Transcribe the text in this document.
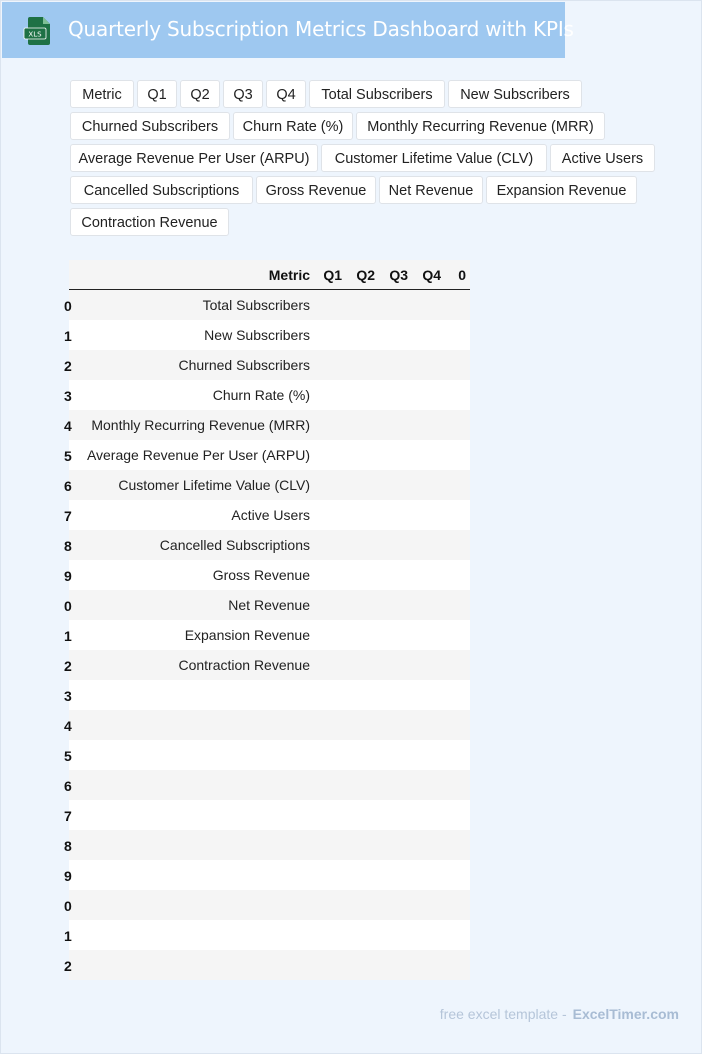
XLS Quarterly Subscription Metrics Dashboard with KPIs
Metric	Q1	Q2	Q3	Q4	Total Subscribers	New Subscribers
Churned Subscribers	Churn Rate (%)	Monthly Recurring Revenue (MRR)
Average Revenue Per User (ARPU)	Customer Lifetime Value (CLV)	Active Users
Cancelled Subscriptions	Gross Revenue	Net Revenue	Expansion Revenue
Contraction Revenue
	Metric	Q1	Q2	Q3	Q4	0

0	Total Subscribers					

1	New Subscribers					

2	Churned Subscribers					

3	Churn Rate (%)					

4	Monthly Recurring Revenue (MRR)					

5	Average Revenue Per User (ARPU)					

6	Customer Lifetime Value (CLV)					

7	Active Users					

8	Cancelled Subscriptions					

9	Gross Revenue					

0	Net Revenue					

1	Expansion Revenue					

2	Contraction Revenue					

3						

4						

5						

6						

7						

8						

9						

0						

1						

2						

free excel template - ExcelTimer.com
